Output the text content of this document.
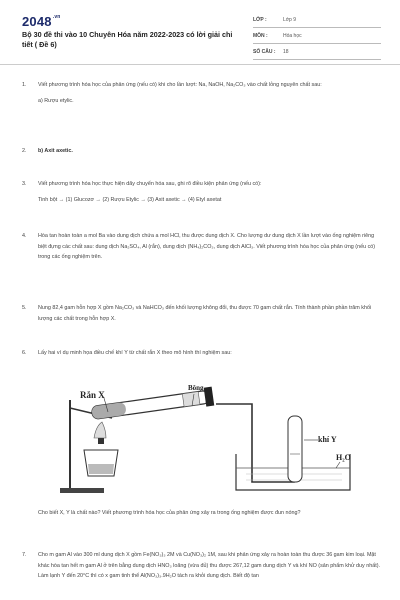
$2048^{.vn}$
Bộ 30 đề thi vào 10 Chuyên Hóa năm 2022-2023 có lời giải chi tiết ( Đề 6)
LỚP :	Lớp 9
MÔN :	Hóa học
SỐ CÂU : 18
1. Viết phương trình hóa học của phản ứng (nếu có) khi cho lần lượt: Na, NaOH, Na₂CO₃ vào chất lỏng nguyên chất sau:
a) Rượu etylic.
2. b) Axit axetic.
3. Viết phương trình hóa học thực hiện dãy chuyển hóa sau, ghi rõ điều kiện phản ứng (nếu có):
Tinh bột → (1) Glucozơ → (2) Rượu Etylic → (3) Axit axetic → (4) Etyl axetat
4. Hòa tan hoàn toàn a mol Ba vào dung dịch chứa a mol HCl, thu được dung dịch X. Cho lượng dư dung dịch X lần lượt vào ống nghiệm riêng biệt đựng các chất sau: dung dịch Na₂SO₄, Al (rắn), dung dịch (NH₄)₂CO₃, dung dịch AlCl₃. Viết phương trình hóa học của phản ứng (nếu có) trong các ống nghiệm trên.
5. Nung 82,4 gam hỗn hợp X gồm Na₂CO₃ và NaHCO₃ đến khối lượng không đổi, thu được 70 gam chất rắn. Tính thành phần phần trăm khối lượng các chất trong hỗn hợp X.
6. Lấy hai ví dụ minh họa điều chế khí Y từ chất rắn X theo mô hình thí nghiệm sau:
Rắn X
Bông
khí Y
H₂O
Cho biết X, Y là chất nào? Viết phương trình hóa học của phản ứng xảy ra trong ống nghiệm được đun nóng?
7. Cho m gam Al vào 300 ml dung dịch X gồm Fe(NO₃)₃ 2M và Cu(NO₃)₂ 1M, sau khi phản ứng xảy ra hoàn toàn thu được 36 gam kim loại. Mặt khác hòa tan hết m gam Al ở trên bằng dung dịch HNO₃ loãng (vừa đủ) thu được 267,12 gam dung dịch Y và khí NO (sản phẩm khử duy nhất). Làm lạnh Y đến 20°C thì có x gam tinh thể Al(NO₃)₃.9H₂O tách ra khỏi dung dịch. Biết độ tan
